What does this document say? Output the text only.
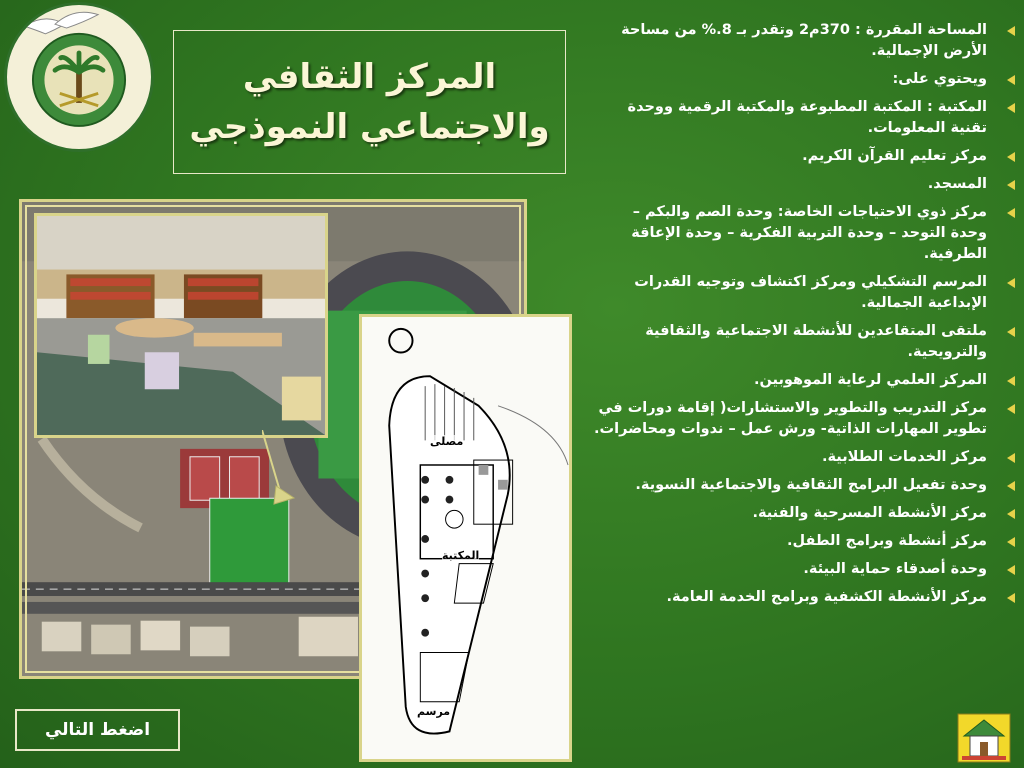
المركز الثقافي والاجتماعي النموذجي
مصلى
المكتبة
مرسم
المساحة المقررة : 370م2 وتقدر بـ 8.% من مساحة الأرض الإجمالية.
ويحتوي على:
المكتبة : المكتبة المطبوعة والمكتبة الرقمية ووحدة تقنية المعلومات.
مركز تعليم القرآن الكريم.
المسجد.
مركز ذوي الاحتياجات الخاصة: وحدة الصم والبكم – وحدة التوحد – وحدة التربية الفكرية – وحدة الإعاقة الطرفية.
المرسم التشكيلي ومركز اكتشاف وتوجيه القدرات الإبداعية الجمالية.
ملتقى المتقاعدين للأنشطة الاجتماعية والثقافية والترويحية.
المركز العلمي لرعاية الموهوبين.
مركز التدريب والتطوير والاستشارات( إقامة دورات في تطوير المهارات الذاتية- ورش عمل – ندوات ومحاضرات.
مركز الخدمات الطلابية.
وحدة تفعيل البرامج الثقافية والاجتماعية النسوية.
مركز الأنشطة المسرحية والفنية.
مركز أنشطة وبرامج الطفل.
وحدة أصدقاء حماية البيئة.
مركز الأنشطة الكشفية وبرامج الخدمة العامة.
اضغط التالي
